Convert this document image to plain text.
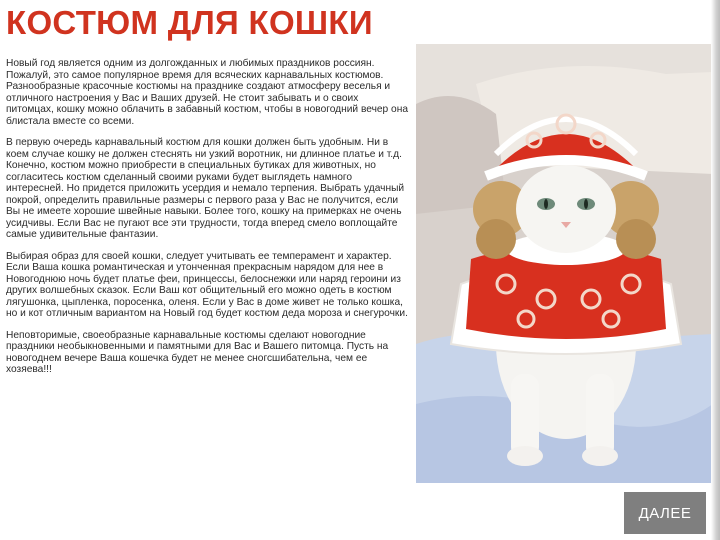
КОСТЮМ ДЛЯ КОШКИ

Новый год является одним из долгожданных и любимых праздников россиян. Пожалуй, это самое популярное время для всяческих карнавальных костюмов. Разнообразные красочные костюмы на празднике создают атмосферу веселья и отличного настроения у Вас и Ваших друзей. Не стоит забывать и о своих питомцах, кошку можно облачить в забавный костюм, чтобы в новогодний вечер она блистала вместе со всеми.

В первую очередь карнавальный костюм для кошки должен быть удобным. Ни в коем случае кошку не должен стеснять ни узкий воротник, ни длинное платье и т.д. Конечно, костюм можно приобрести в специальных бутиках для животных, но согласитесь костюм сделанный своими руками будет выглядеть намного интересней. Но придется приложить усердия и немало терпения. Выбрать удачный покрой, определить правильные размеры с первого раза у Вас не получится, если Вы не имеете хорошие швейные навыки. Более того, кошку на примерках не очень усидчивы. Если Вас не пугают все эти трудности, тогда вперед смело воплощайте самые удивительные фантазии.

Выбирая образ для своей кошки, следует учитывать ее темперамент и характер. Если Ваша кошка романтическая и утонченная прекрасным нарядом для нее в Новогоднюю ночь будет платье феи, принцессы, белоснежки или наряд героини из других волшебных сказок. Если Ваш кот общительный его можно одеть в костюм лягушонка, цыпленка, поросенка, оленя. Если у Вас в доме живет не только кошка, но и кот отличным вариантом на Новый год будет костюм деда мороза и снегурочки.

Неповторимые, своеобразные карнавальные костюмы сделают новогодние праздники необыкновенными и памятными для Вас и Вашего питомца. Пусть на новогоднем вечере Ваша кошечка будет не менее сногсшибательна, чем ее хозяева!!!

ДАЛЕЕ
